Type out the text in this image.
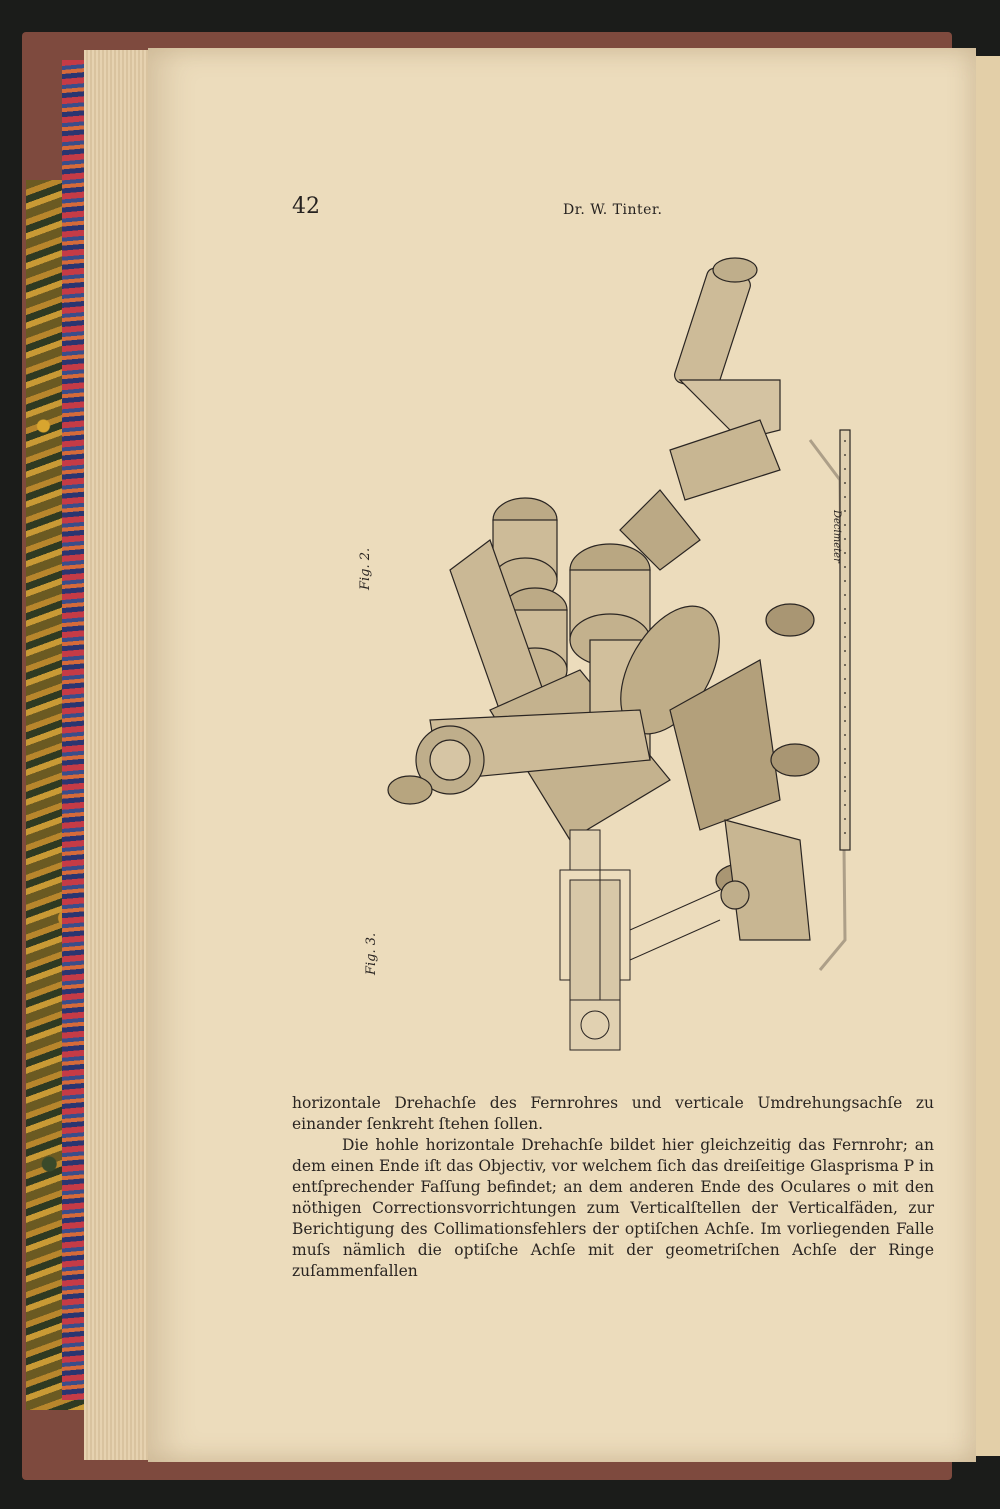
42	Dr. W. Tinter.
Fig. 2.
Fig. 3.
Decimeter

horizontale Drehachſe des Fernrohres und verticale Umdrehungsachſe zu einander ſenkreht ſtehen ſollen.

Die hohle horizontale Drehachſe bildet hier gleichzeitig das Fernrohr; an dem einen Ende iſt das Objectiv, vor welchem ſich das dreiſeitige Glasprisma P in entſprechender Faſſung befindet; an dem anderen Ende des Oculares o mit den nöthigen Correctionsvorrichtungen zum Verticalſtellen der Verticalfäden, zur Berichtigung des Collimationsfehlers der optiſchen Achſe. Im vorliegenden Falle muſs nämlich die optiſche Achſe mit der geometriſchen Achſe der Ringe zuſammenfallen
